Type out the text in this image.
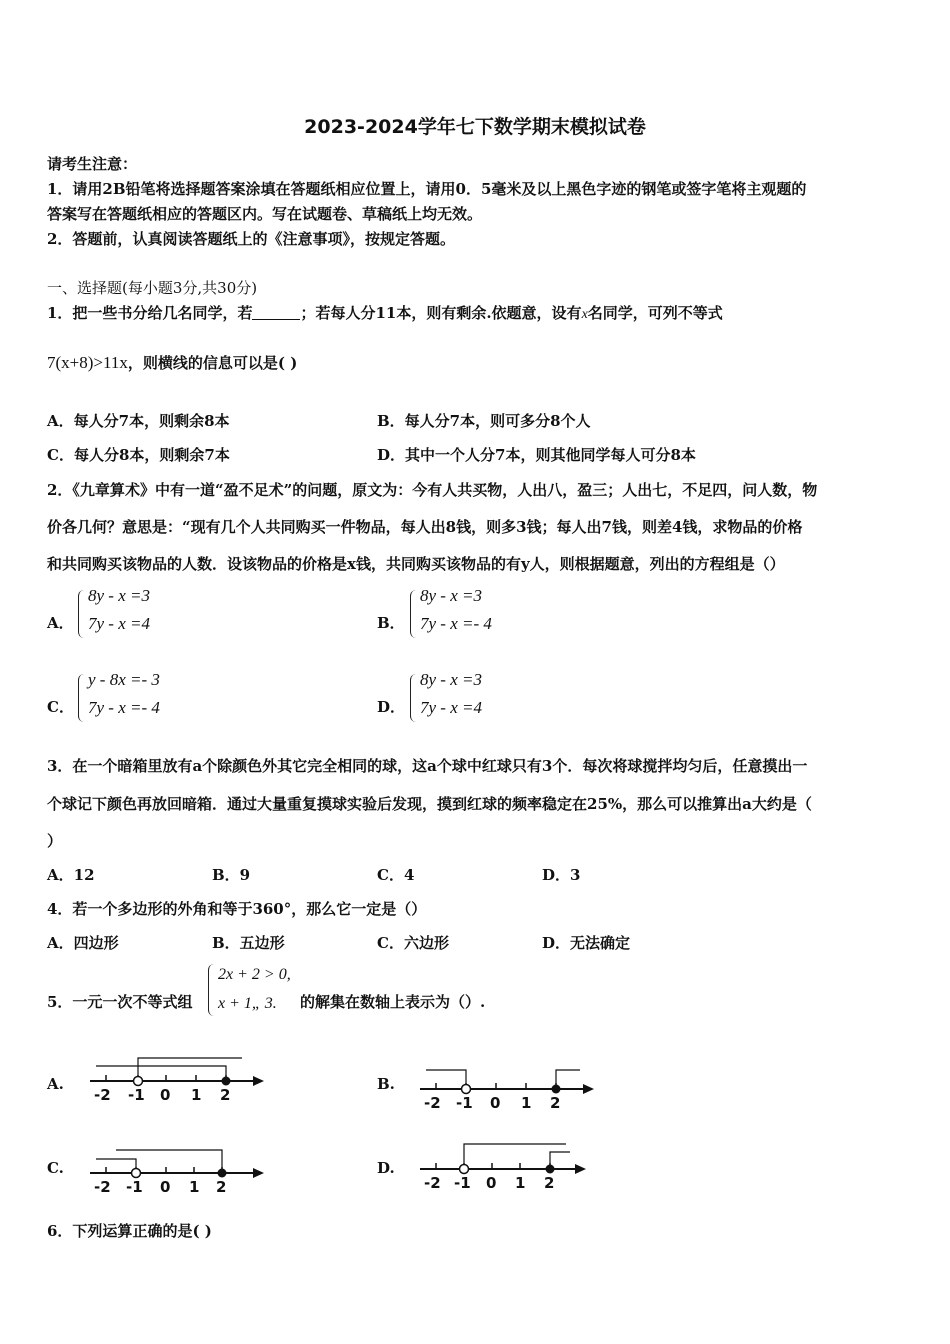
2023-2024学年七下数学期末模拟试卷
请考生注意：
1．请用2B铅笔将选择题答案涂填在答题纸相应位置上，请用0．5毫米及以上黑色字迹的钢笔或签字笔将主观题的
答案写在答题纸相应的答题区内。写在试题卷、草稿纸上均无效。
2．答题前，认真阅读答题纸上的《注意事项》，按规定答题。
一、选择题(每小题3分,共30分)
1．把一些书分给几名同学，若	；若每人分11本，则有剩余.依题意，设有x名同学，可列不等式
7(x+8)>11x，则横线的信息可以是( )
A．每人分7本，则剩余8本	B．每人分7本，则可多分8个人
C．每人分8本，则剩余7本	D．其中一个人分7本，则其他同学每人可分8本
2．《九章算术》中有一道“盈不足术”的问题，原文为：今有人共买物，人出八，盈三；人出七，不足四，问人数，物
价各几何？意思是：“现有几个人共同购买一件物品，每人出8钱，则多3钱；每人出7钱，则差4钱，求物品的价格
和共同购买该物品的人数．设该物品的价格是x钱，共同购买该物品的有y人，则根据题意，列出的方程组是（）
A．
8y - x =3
7y - x =4	B．
8y - x =3
7y - x =- 4
C．
y - 8x =- 3
7y - x =- 4	D．
8y - x =3
7y - x =4
3．在一个暗箱里放有a个除颜色外其它完全相同的球，这a个球中红球只有3个．每次将球搅拌均匀后，任意摸出一
个球记下颜色再放回暗箱．通过大量重复摸球实验后发现，摸到红球的频率稳定在25%，那么可以推算出a大约是（
）
A．12	B．9	C．4	D．3
4．若一个多边形的外角和等于360°，那么它一定是（）
A．四边形	B．五边形	C．六边形	D．无法确定
5．一元一次不等式组
2x + 2 > 0,
x + 1„ 3. 的解集在数轴上表示为（）.
A.	B.
C.	D.
-2 -1 0 1 2	-2 -1 0 1 2
-2 -1 0 1 2	-2 -1 0 1 2
6．下列运算正确的是( )
